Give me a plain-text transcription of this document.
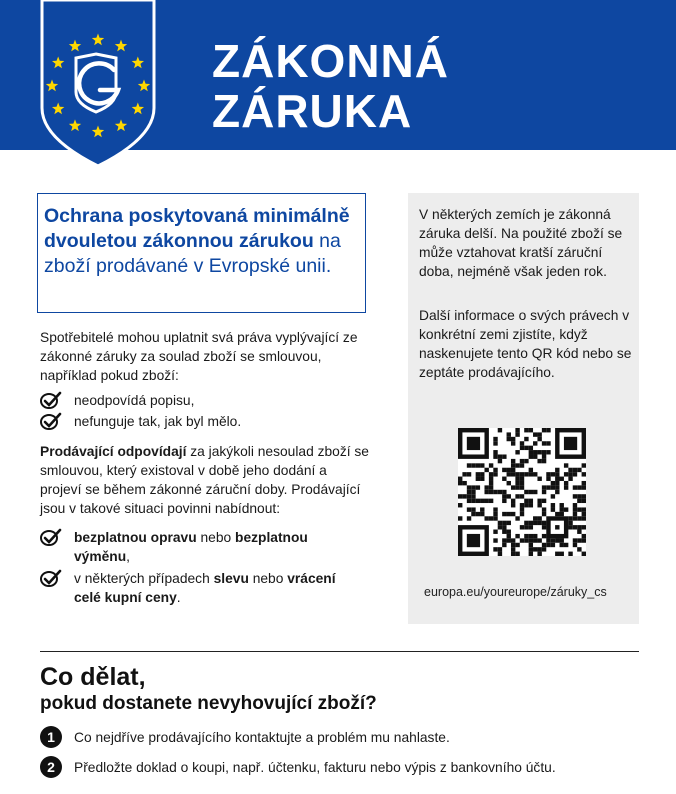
ZÁKONNÁ
ZÁRUKA
Ochrana poskytovaná minimálně dvouletou zákonnou zárukou na zboží prodávané v Evropské unii.
Spotřebitelé mohou uplatnit svá práva vyplývající ze zákonné záruky za soulad zboží se smlouvou, například pokud zboží:
neodpovídá popisu,
nefunguje tak, jak byl mělo.
Prodávající odpovídají za jakýkoli nesoulad zboží se smlouvou, který existoval v době jeho dodání a projeví se během zákonné záruční doby. Prodávající jsou v takové situaci povinni nabídnout:
bezplatnou opravu nebo bezplatnou výměnu,
v některých případech slevu nebo vrácení celé kupní ceny.
V některých zemích je zákonná záruka delší. Na použité zboží se může vztahovat kratší záruční doba, nejméně však jeden rok.
Další informace o svých právech v konkrétní zemi zjistíte, když naskenujete tento QR kód nebo se zeptáte prodávajícího.
europa.eu/youreurope/záruky_cs
Co dělat,
pokud dostanete nevyhovující zboží?
1	Co nejdříve prodávajícího kontaktujte a problém mu nahlaste.
2	Předložte doklad o koupi, např. účtenku, fakturu nebo výpis z bankovního účtu.
